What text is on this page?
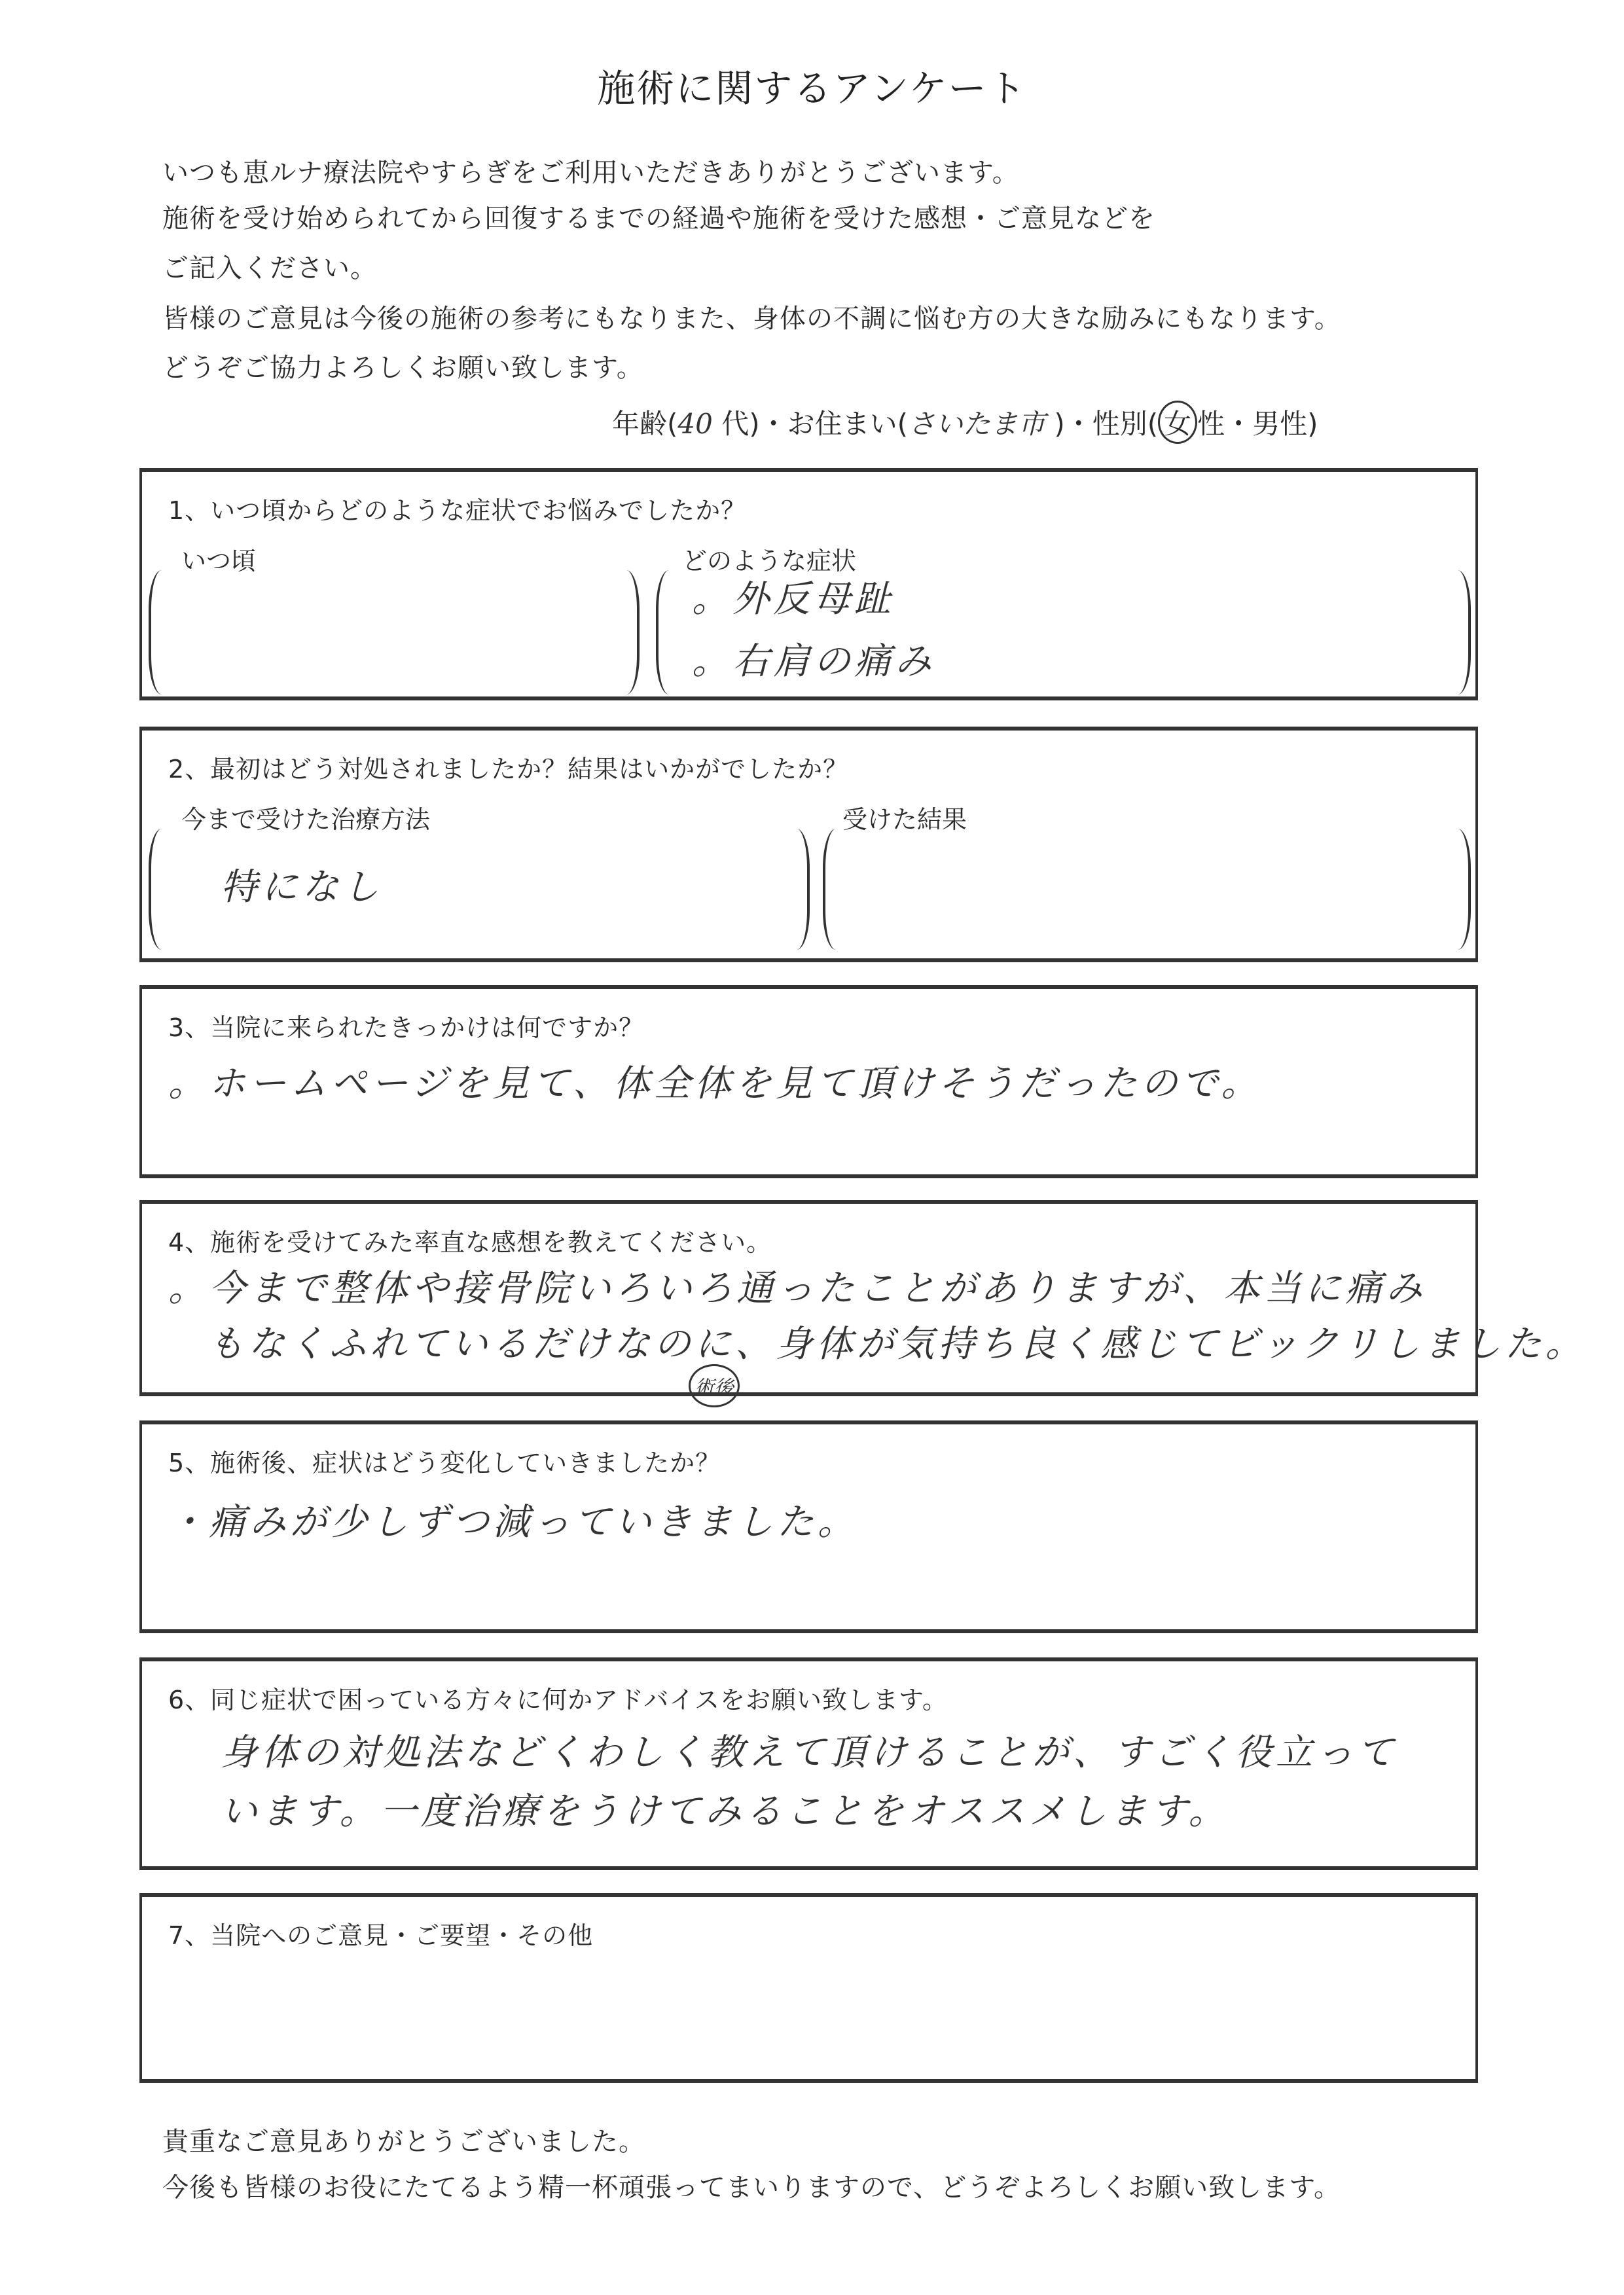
施術に関するアンケート
いつも恵ルナ療法院やすらぎをご利用いただきありがとうございます。
施術を受け始められてから回復するまでの経過や施術を受けた感想・ご意見などを
ご記入ください。
皆様のご意見は今後の施術の参考にもなりまた、身体の不調に悩む方の大きな励みにもなります。
どうぞご協力よろしくお願い致します。
年齢(40 代)・お住まい(さいたま市 )・性別( 女 性・男性)
1、いつ頃からどのような症状でお悩みでしたか？
いつ頃	どのような症状
。外反母趾
。右肩の痛み
2、最初はどう対処されましたか？結果はいかがでしたか？
今まで受けた治療方法	受けた結果
特になし
3、当院に来られたきっかけは何ですか？
。ホームページを見て、体全体を見て頂けそうだったので。
4、施術を受けてみた率直な感想を教えてください。
。今まで整体や接骨院いろいろ通ったことがありますが、本当に痛み
もなくふれているだけなのに、身体が気持ち良く感じてビックリしました。
術後
5、施術後、症状はどう変化していきましたか？
・痛みが少しずつ減っていきました。
6、同じ症状で困っている方々に何かアドバイスをお願い致します。
身体の対処法などくわしく教えて頂けることが、すごく役立って
います。一度治療をうけてみることをオススメします。
7、当院へのご意見・ご要望・その他
貴重なご意見ありがとうございました。
今後も皆様のお役にたてるよう精一杯頑張ってまいりますので、どうぞよろしくお願い致します。
